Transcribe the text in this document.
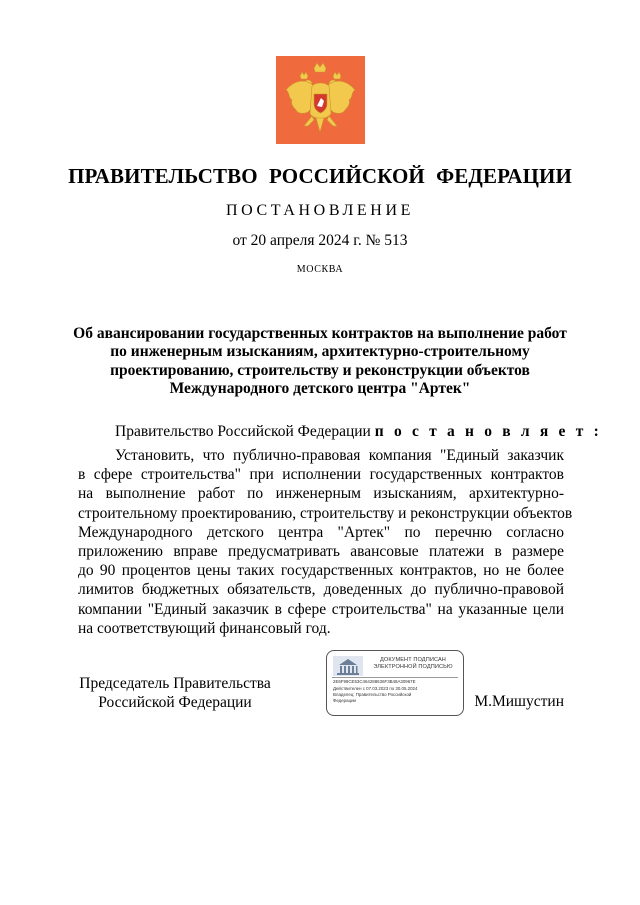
ПРАВИТЕЛЬСТВО РОССИЙСКОЙ ФЕДЕРАЦИИ
ПОСТАНОВЛЕНИЕ
от 20 апреля 2024 г. № 513
МОСКВА
Об авансировании государственных контрактов на выполнение работ
по инженерным изысканиям, архитектурно-строительному
проектированию, строительству и реконструкции объектов
Международного детского центра "Артек"
Правительство Российской Федерации п о с т а н о в л я е т :
Установить, что публично-правовая компания "Единый заказчик
в сфере строительства" при исполнении государственных контрактов
на выполнение работ по инженерным изысканиям, архитектурно-
строительному проектированию, строительству и реконструкции объектов
Международного детского центра "Артек" по перечню согласно
приложению вправе предусматривать авансовые платежи в размере
до 90 процентов цены таких государственных контрактов, но не более
лимитов бюджетных обязательств, доведенных до публично-правовой
компании "Единый заказчик в сфере строительства" на указанные цели
на соответствующий финансовый год.
Председатель Правительства
Российской Федерации
ДОКУМЕНТ ПОДПИСАН
ЭЛЕКТРОННОЙ ПОДПИСЬЮ
2E6F99CE53C464288636F3B48A30967E
Действителен с 07.03.2023 по 30.05.2024
Владелец: Правительство Российской
Федерации	М.Мишустин
